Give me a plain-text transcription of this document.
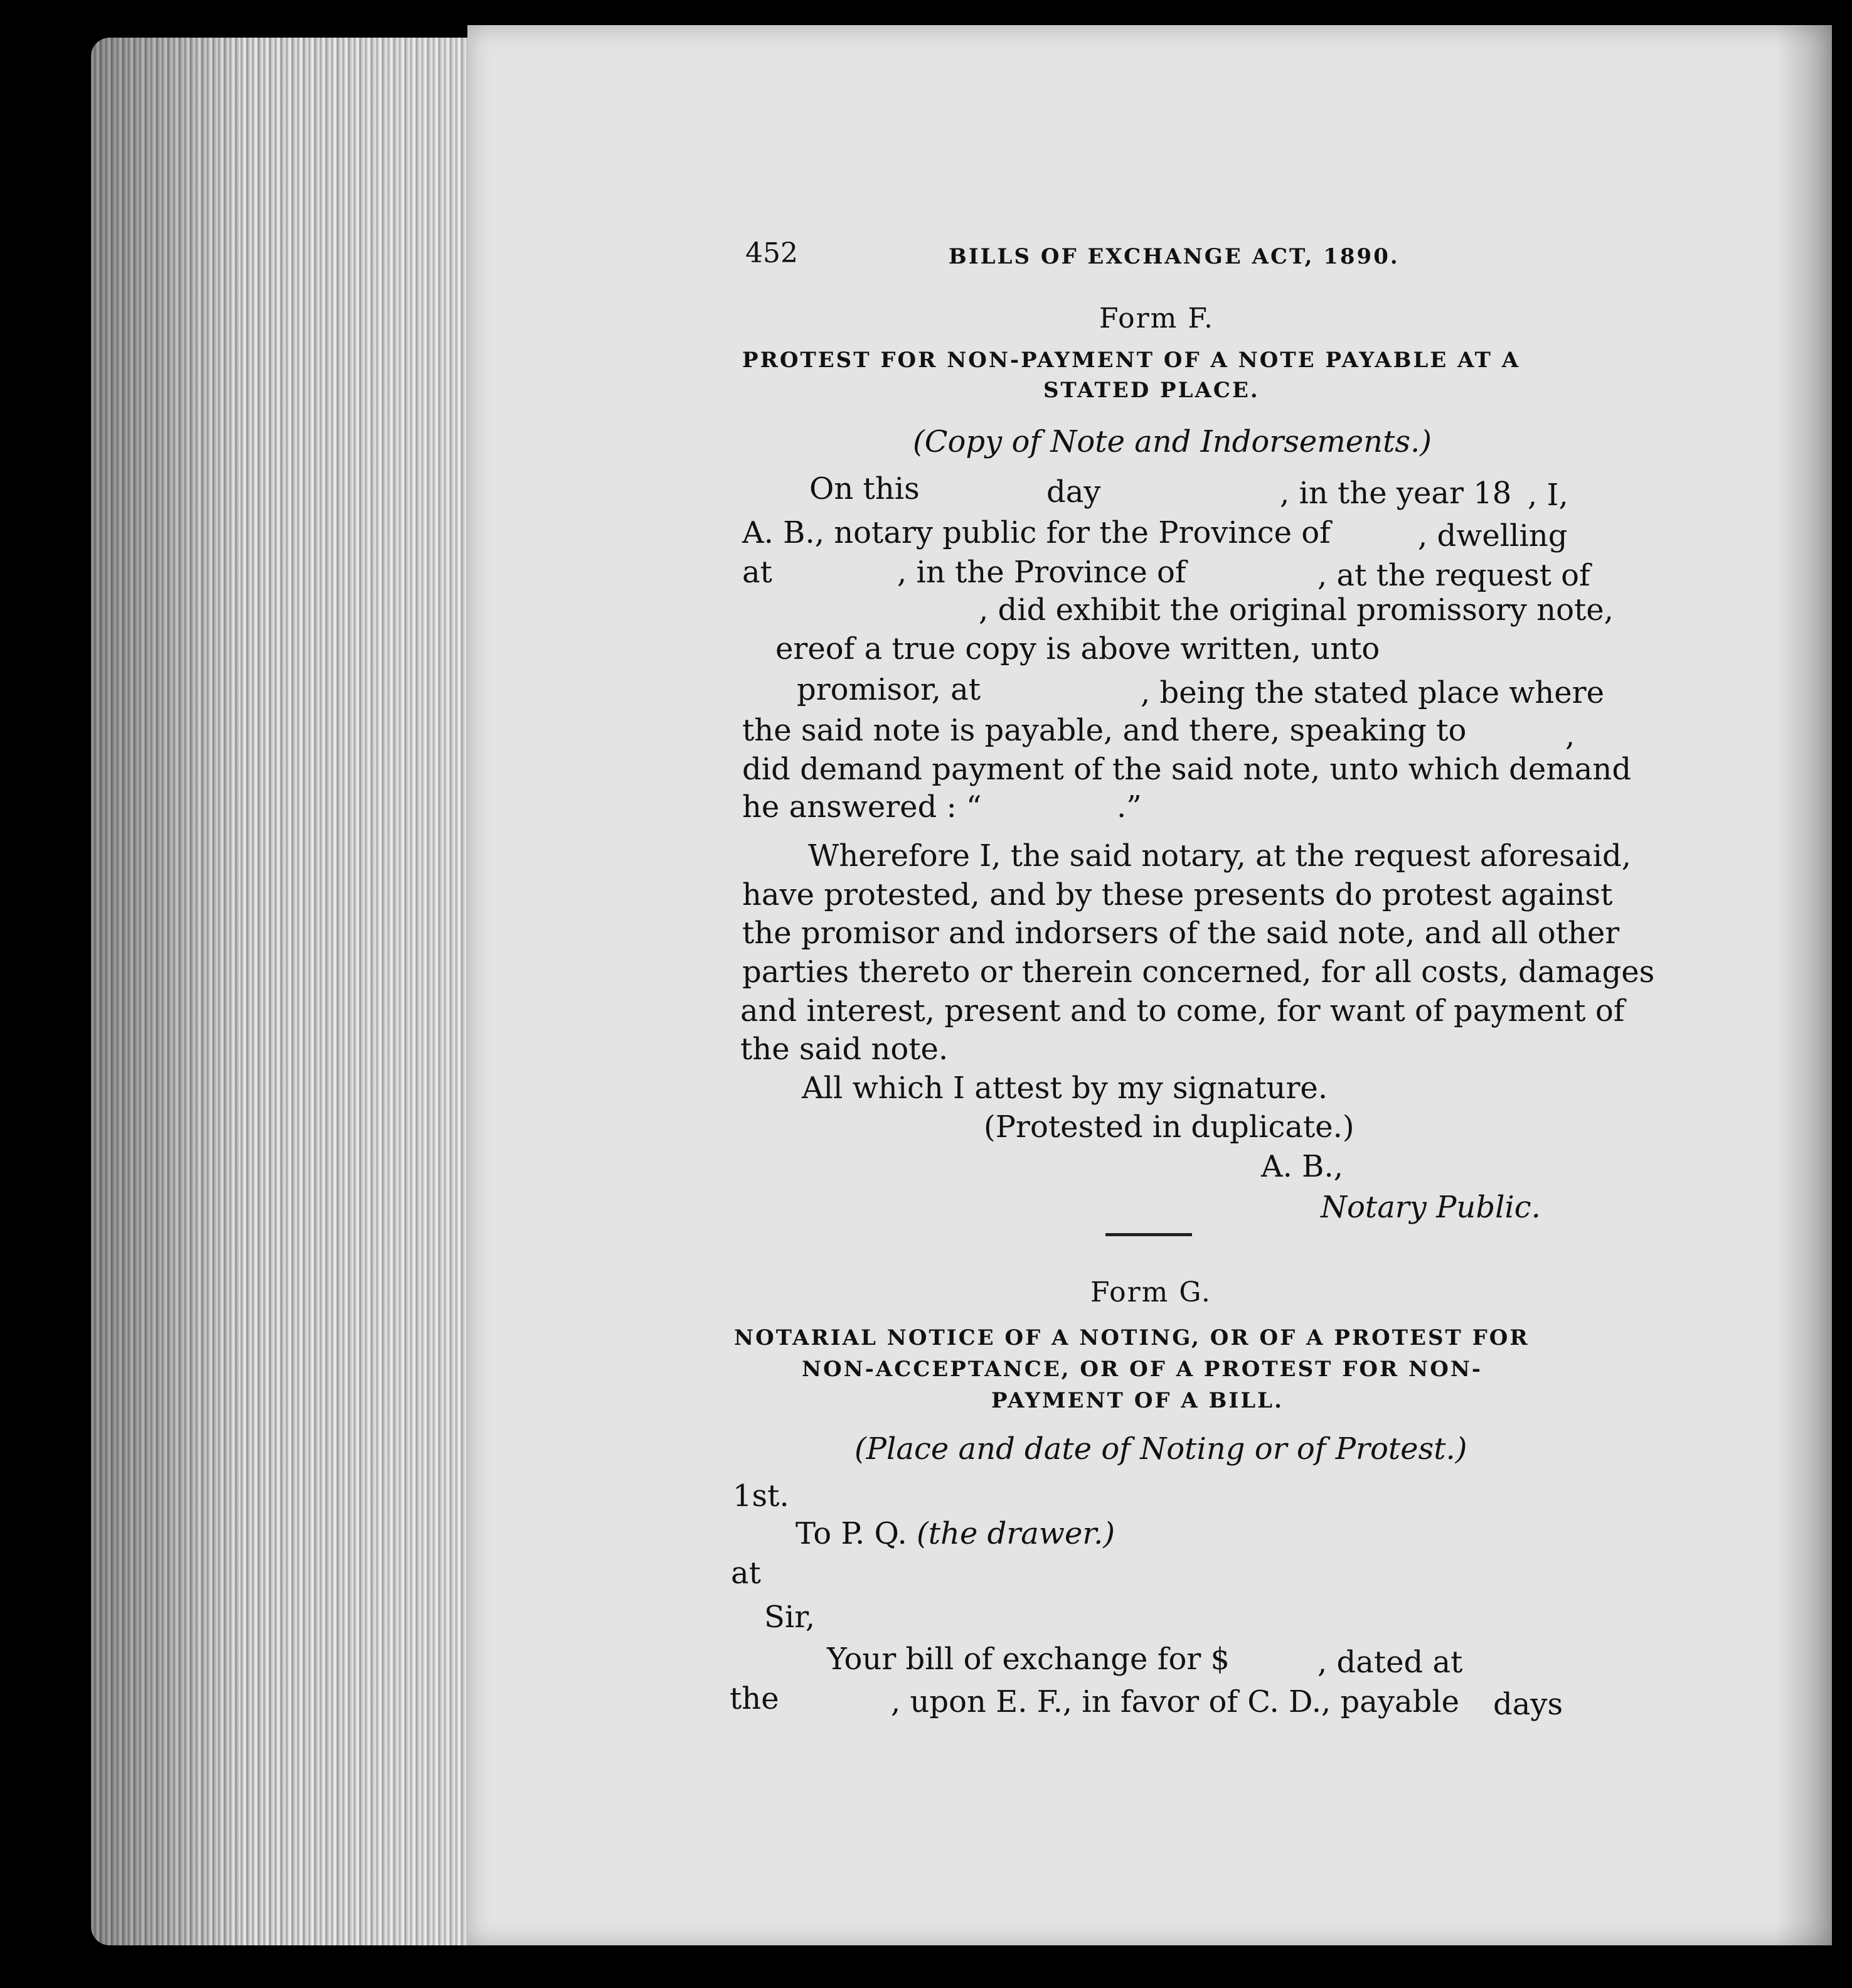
452	BILLS OF EXCHANGE ACT, 1890.
Form F.
PROTEST FOR NON-PAYMENT OF A NOTE PAYABLE AT A
STATED PLACE.
(Copy of Note and Indorsements.)
On this	day	, in the year 18 , I,
A. B., notary public for the Province of	, dwelling
at	, in the Province of	, at the request of
, did exhibit the original promissory note,
ereof a true copy is above written, unto
promisor, at	, being the stated place where
the said note is payable, and there, speaking to	,
did demand payment of the said note, unto which demand
he answered : “	.”
Wherefore I, the said notary, at the request aforesaid,
have protested, and by these presents do protest against
the promisor and indorsers of the said note, and all other
parties thereto or therein concerned, for all costs, damages
and interest, present and to come, for want of payment of
the said note.
All which I attest by my signature.
(Protested in duplicate.)
A. B.,
Notary Public.
Form G.
NOTARIAL NOTICE OF A NOTING, OR OF A PROTEST FOR
NON-ACCEPTANCE, OR OF A PROTEST FOR NON-
PAYMENT OF A BILL.
(Place and date of Noting or of Protest.)
1st.
To P. Q. (the drawer.)
at
Sir,
Your bill of exchange for $	, dated at
the	, upon E. F., in favor of C. D., payable days
